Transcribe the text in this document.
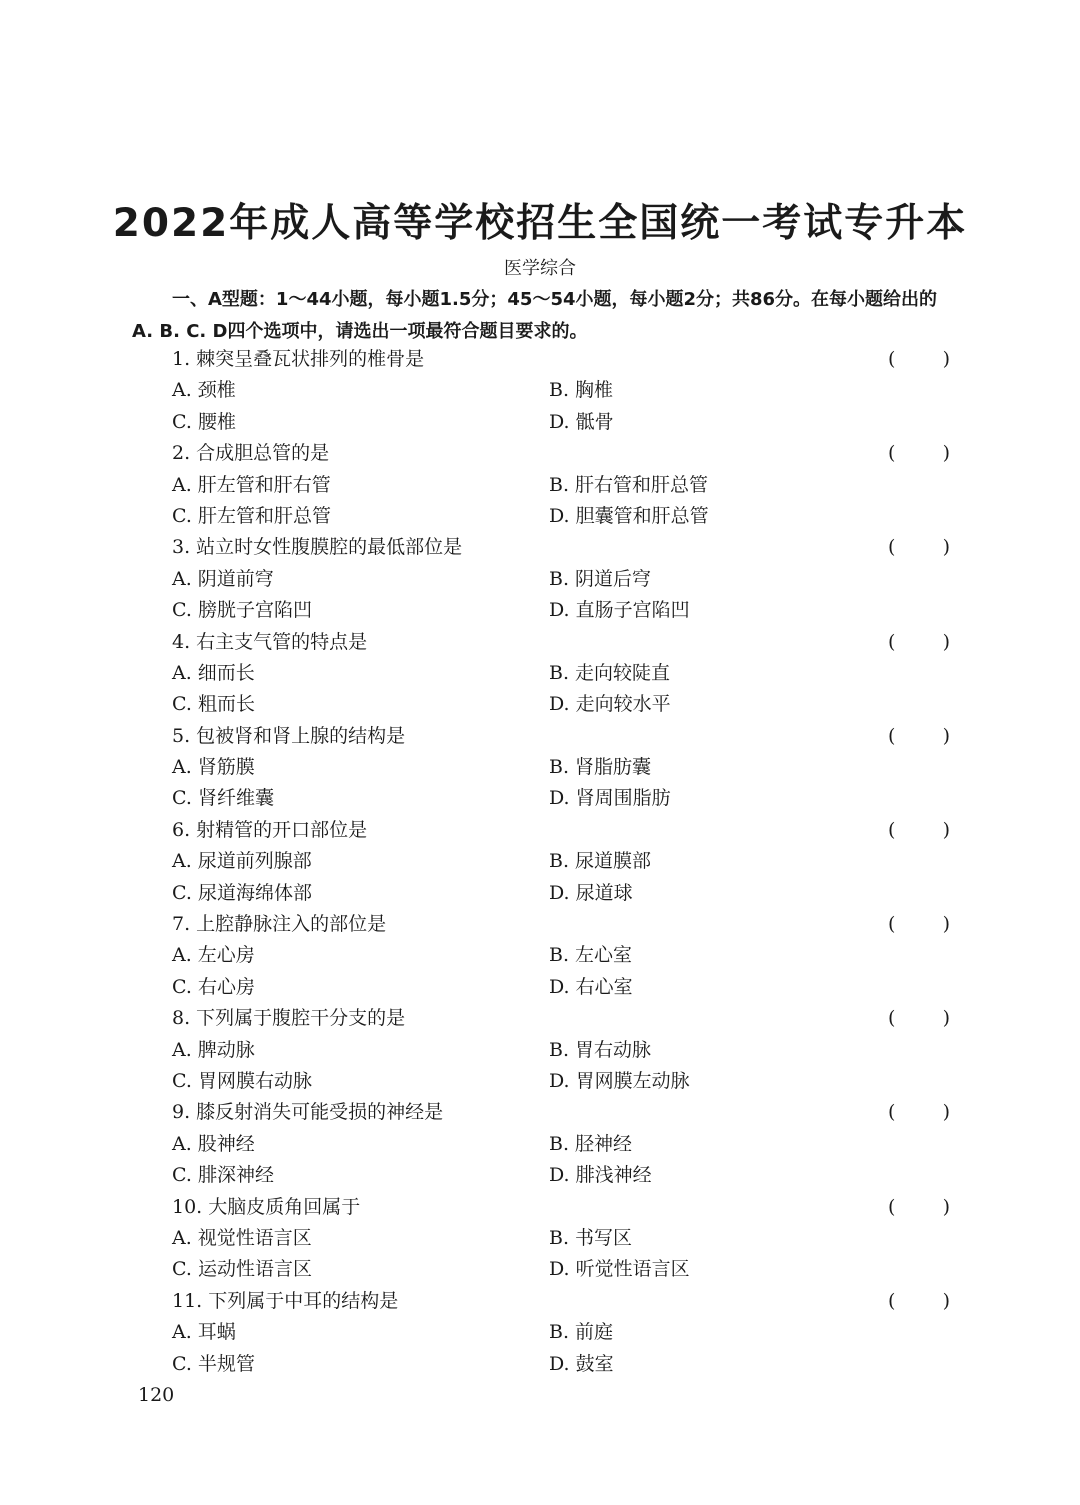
2022年成人高等学校招生全国统一考试专升本
医学综合
一、A型题：1～44小题，每小题1.5分；45～54小题，每小题2分；共86分。在每小题给出的A. B. C. D四个选项中，请选出一项最符合题目要求的。
1. 棘突呈叠瓦状排列的椎骨是	( )
A. 颈椎	B. 胸椎
C. 腰椎	D. 骶骨
2. 合成胆总管的是	( )
A. 肝左管和肝右管	B. 肝右管和肝总管
C. 肝左管和肝总管	D. 胆囊管和肝总管
3. 站立时女性腹膜腔的最低部位是	( )
A. 阴道前穹	B. 阴道后穹
C. 膀胱子宫陷凹	D. 直肠子宫陷凹
4. 右主支气管的特点是	( )
A. 细而长	B. 走向较陡直
C. 粗而长	D. 走向较水平
5. 包被肾和肾上腺的结构是	( )
A. 肾筋膜	B. 肾脂肪囊
C. 肾纤维囊	D. 肾周围脂肪
6. 射精管的开口部位是	( )
A. 尿道前列腺部	B. 尿道膜部
C. 尿道海绵体部	D. 尿道球
7. 上腔静脉注入的部位是	( )
A. 左心房	B. 左心室
C. 右心房	D. 右心室
8. 下列属于腹腔干分支的是	( )
A. 脾动脉	B. 胃右动脉
C. 胃网膜右动脉	D. 胃网膜左动脉
9. 膝反射消失可能受损的神经是	( )
A. 股神经	B. 胫神经
C. 腓深神经	D. 腓浅神经
10. 大脑皮质角回属于	( )
A. 视觉性语言区	B. 书写区
C. 运动性语言区	D. 听觉性语言区
11. 下列属于中耳的结构是	( )
A. 耳蜗	B. 前庭
C. 半规管	D. 鼓室
120
